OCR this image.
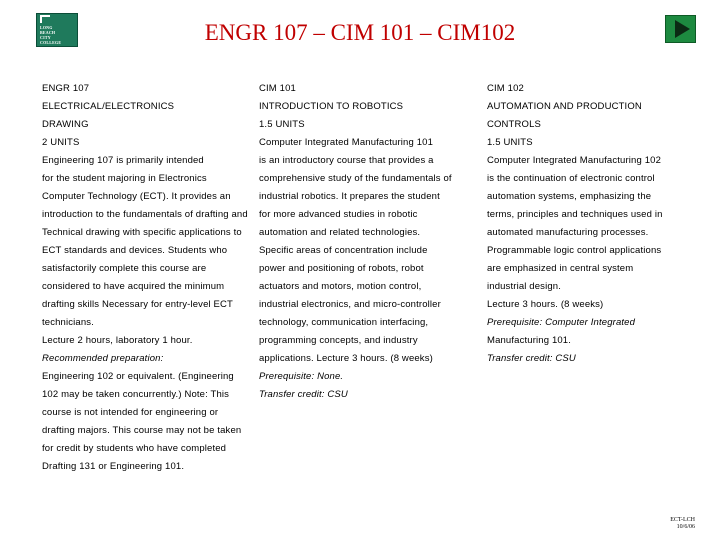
LONG
BEACH
CITY
COLLEGE	ENGR 107 – CIM 101 – CIM102
ENGR 107
ELECTRICAL/ELECTRONICS
DRAWING
2 UNITS
Engineering 107 is primarily intended
for the student majoring in Electronics
Computer Technology (ECT). It provides an
introduction to the fundamentals of drafting and
Technical drawing with specific applications to
ECT standards and devices. Students who
satisfactorily complete this course are
considered to have acquired the minimum
drafting skills Necessary for entry-level ECT
technicians.
Lecture 2 hours, laboratory 1 hour.
Recommended preparation:
Engineering 102 or equivalent. (Engineering
102 may be taken concurrently.) Note: This
course is not intended for engineering or
drafting majors. This course may not be taken
for credit by students who have completed
Drafting 131 or Engineering 101.
CIM 101
INTRODUCTION TO ROBOTICS
1.5 UNITS
Computer Integrated Manufacturing 101
is an introductory course that provides a
comprehensive study of the fundamentals of
industrial robotics. It prepares the student
for more advanced studies in robotic
automation and related technologies.
Specific areas of concentration include
power and positioning of robots, robot
actuators and motors, motion control,
industrial electronics, and micro-controller
technology, communication interfacing,
programming concepts, and industry
applications. Lecture 3 hours. (8 weeks)
Prerequisite: None.
Transfer credit: CSU
CIM 102
AUTOMATION AND PRODUCTION
CONTROLS
1.5 UNITS
Computer Integrated Manufacturing 102
is the continuation of electronic control
automation systems, emphasizing the
terms, principles and techniques used in
automated manufacturing processes.
Programmable logic control applications
are emphasized in central system
industrial design.
Lecture 3 hours. (8 weeks)
Prerequisite: Computer Integrated
Manufacturing 101.
Transfer credit: CSU
ECT-LCH
10/6/06
